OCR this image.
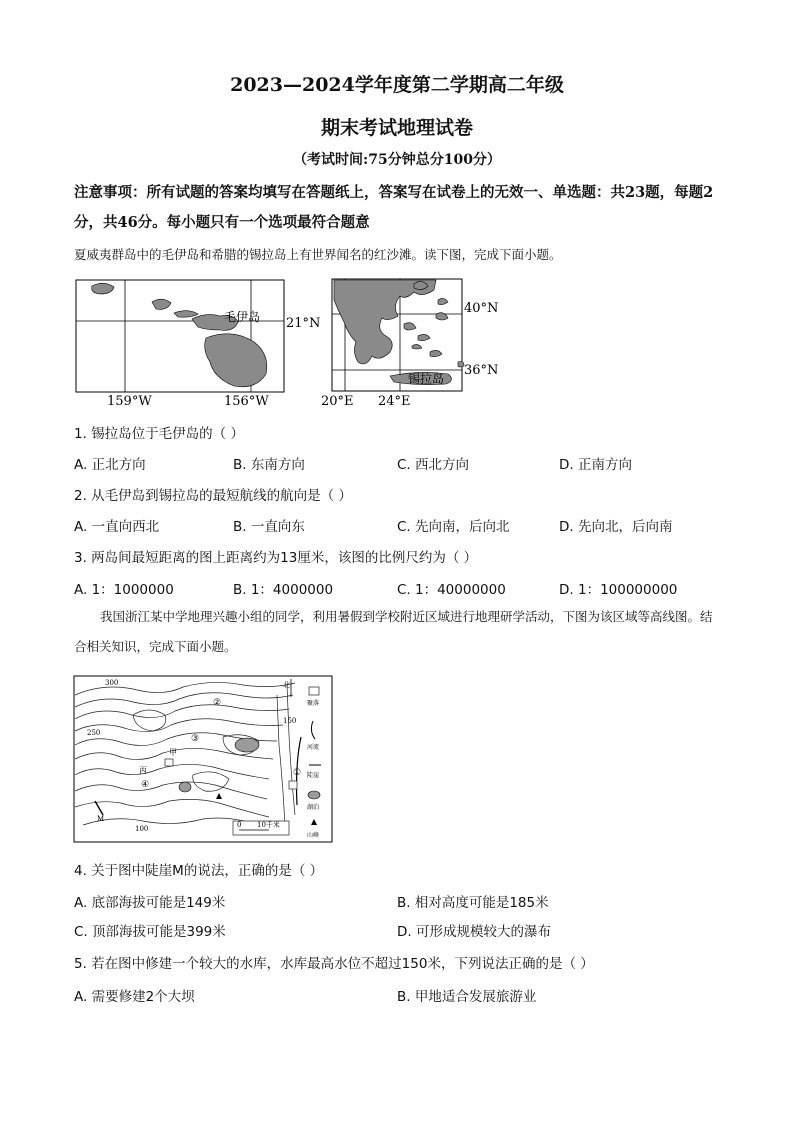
2023—2024学年度第二学期高二年级
期末考试地理试卷
（考试时间:75分钟总分100分）
注意事项：所有试题的答案均填写在答题纸上，答案写在试卷上的无效一、单选题：共23题，每题2分，共46分。每小题只有一个选项最符合题意
夏威夷群岛中的毛伊岛和希腊的锡拉岛上有世界闻名的红沙滩。读下图，完成下面小题。
毛伊岛 21°N
159°W	156°W
锡拉岛
40°N
36°N
20°E 24°E
1. 锡拉岛位于毛伊岛的（ ）
A. 正北方向	B. 东南方向	C. 西北方向	D. 正南方向
2. 从毛伊岛到锡拉岛的最短航线的航向是（ ）
A. 一直向西北	B. 一直向东	C. 先向南，后向北	D. 先向北，后向南
3. 两岛间最短距离的图上距离约为13厘米，该图的比例尺约为（ ）
A. 1：1000000	B. 1：4000000	C. 1：40000000	D. 1：100000000
我国浙江某中学地理兴趣小组的同学，利用暑假到学校附近区域进行地理研学活动，下图为该区域等高线图。结合相关知识，完成下面小题。
300
250
150
100
甲
丙
M
①
②
③
④
北
0 10千米
聚落
河流
陡崖
湖泊
山峰
4. 关于图中陡崖M的说法，正确的是（ ）
A. 底部海拔可能是149米	B. 相对高度可能是185米
C. 顶部海拔可能是399米	D. 可形成规模较大的瀑布
5. 若在图中修建一个较大的水库，水库最高水位不超过150米，下列说法正确的是（ ）
A. 需要修建2个大坝	B. 甲地适合发展旅游业
